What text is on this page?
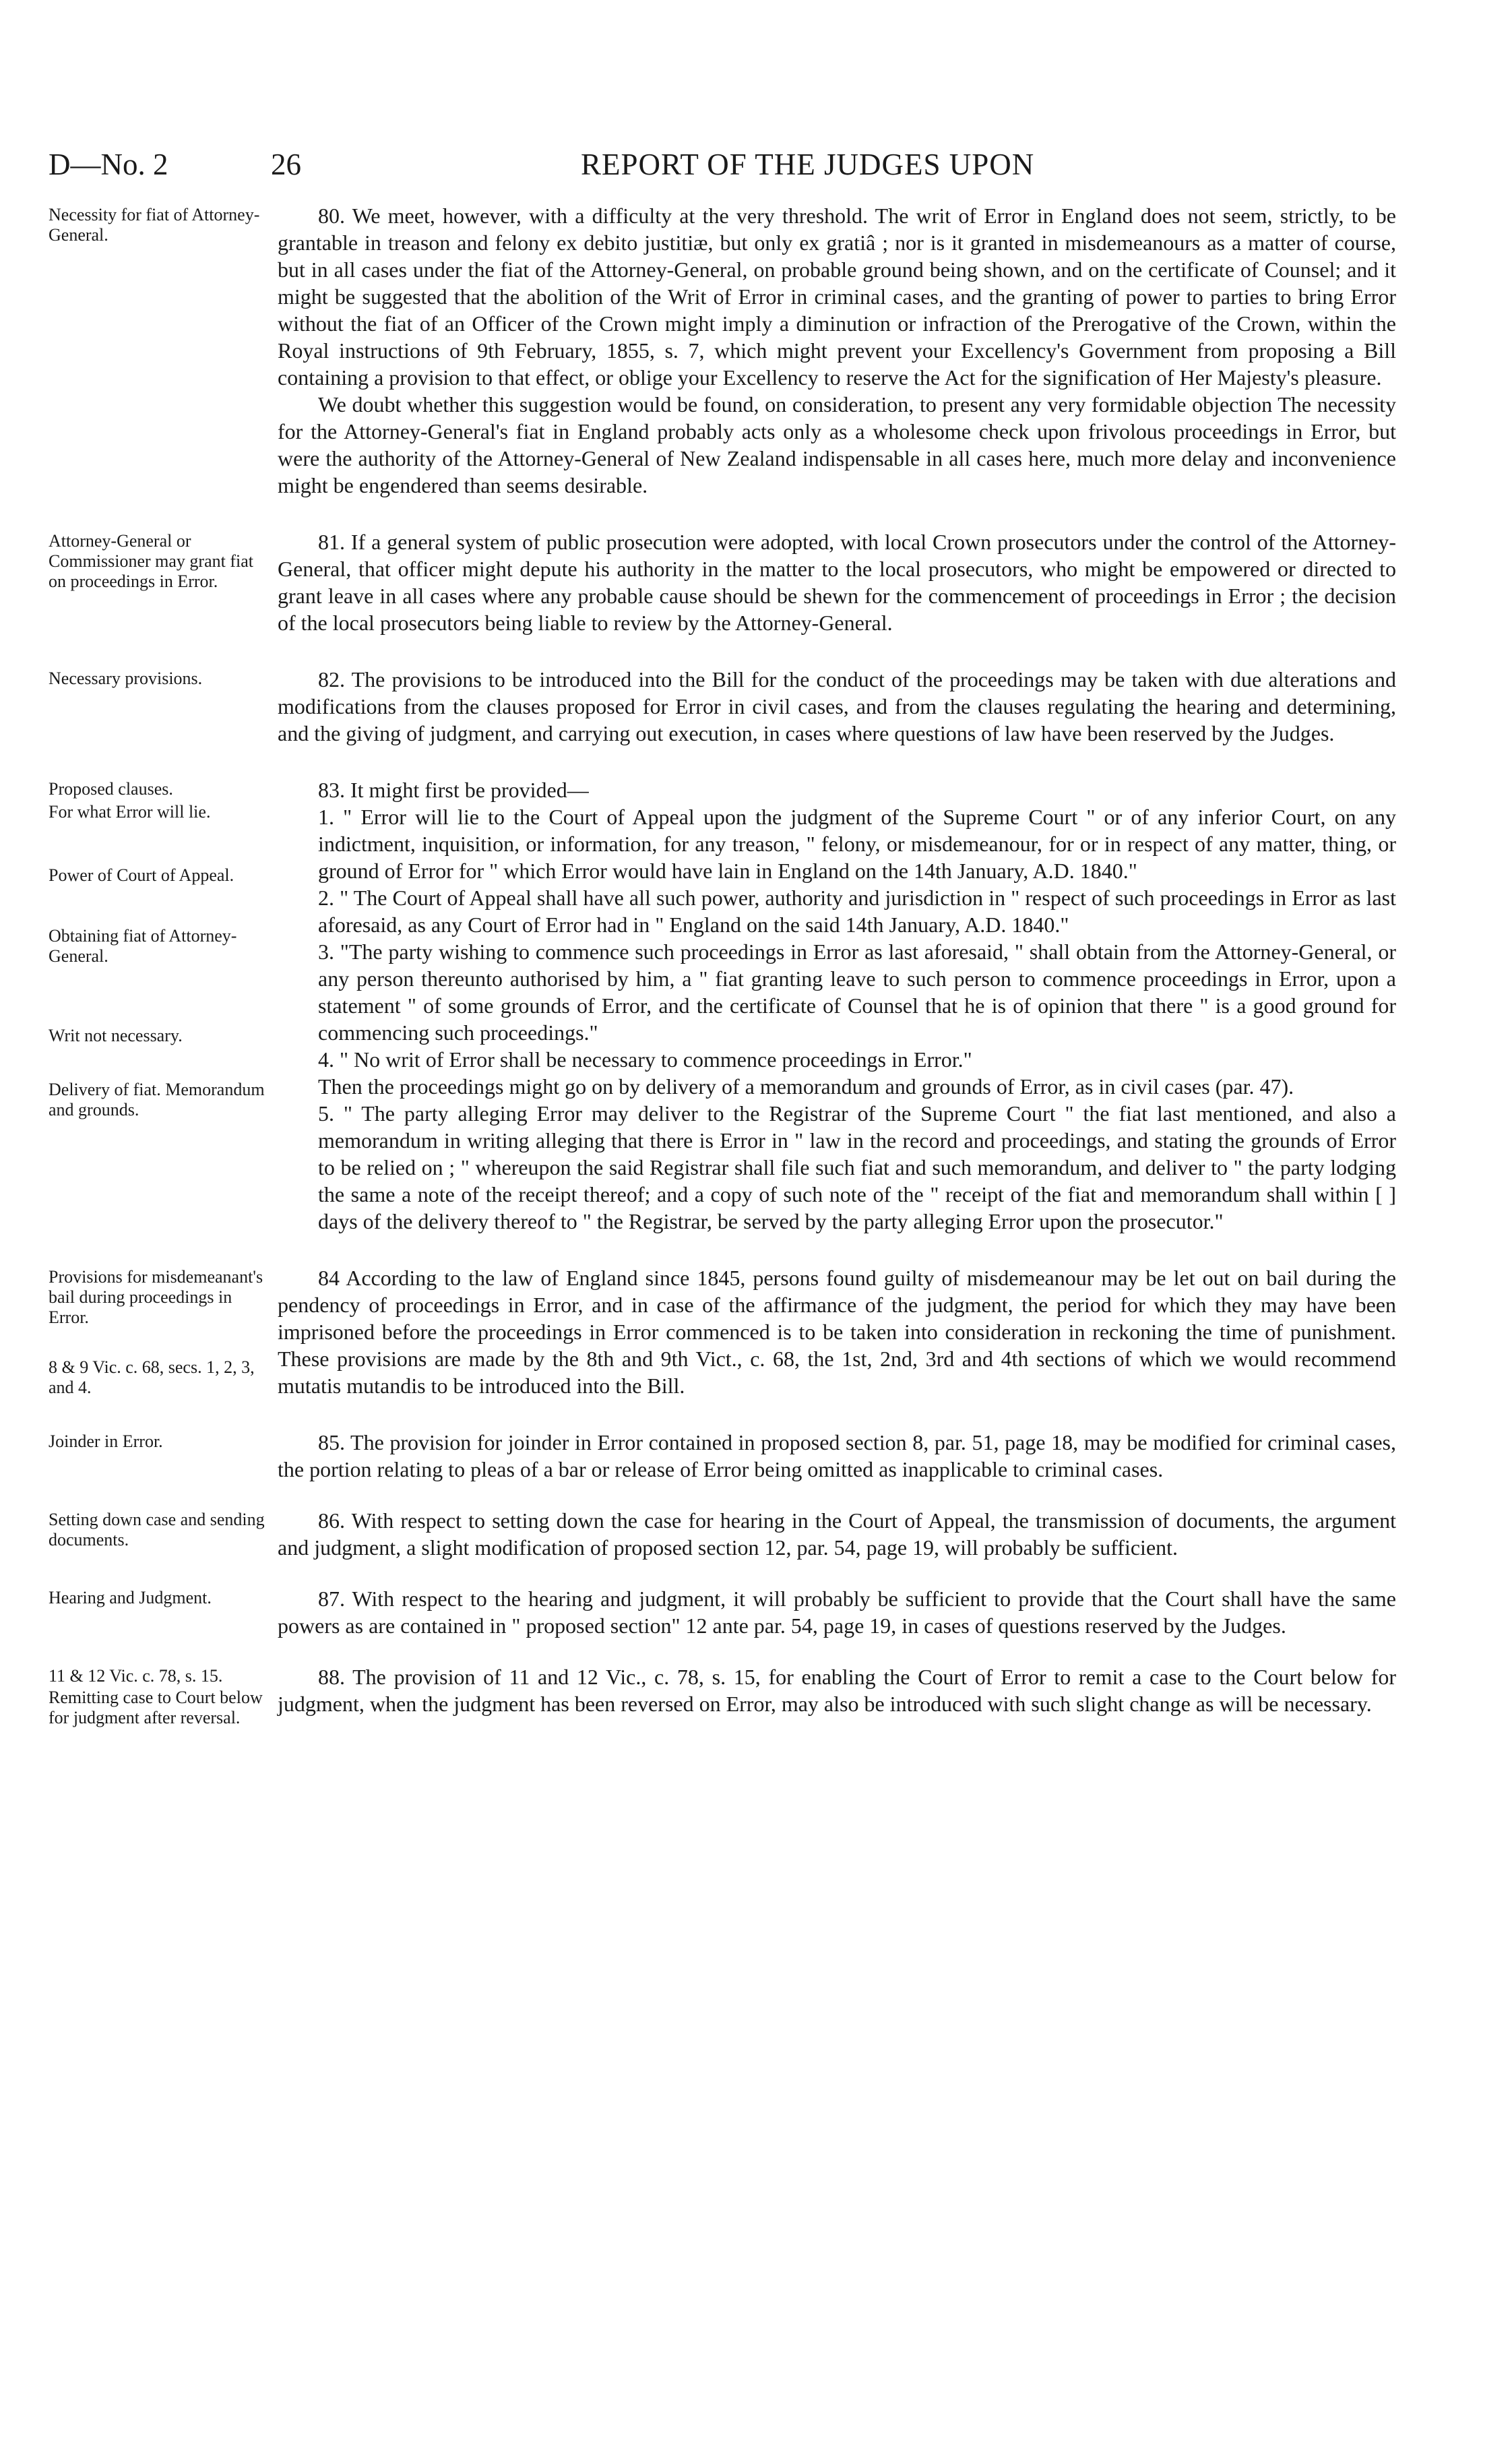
D—No. 2	26	REPORT OF THE JUDGES UPON
Necessity for fiat of Attorney-General.

80. We meet, however, with a difficulty at the very threshold. The writ of Error in England does not seem, strictly, to be grantable in treason and felony ex debito justitiæ, but only ex gratiâ ; nor is it granted in misdemeanours as a matter of course, but in all cases under the fiat of the Attorney-General, on probable ground being shown, and on the certificate of Counsel; and it might be suggested that the abolition of the Writ of Error in criminal cases, and the granting of power to parties to bring Error without the fiat of an Officer of the Crown might imply a diminution or infraction of the Prerogative of the Crown, within the Royal instructions of 9th February, 1855, s. 7, which might prevent your Excellency's Government from proposing a Bill containing a provision to that effect, or oblige your Excellency to reserve the Act for the signification of Her Majesty's pleasure.

We doubt whether this suggestion would be found, on consideration, to present any very formidable objection The necessity for the Attorney-General's fiat in England probably acts only as a wholesome check upon frivolous proceedings in Error, but were the authority of the Attorney-General of New Zealand indispensable in all cases here, much more delay and inconvenience might be engendered than seems desirable.

Attorney-General or Commissioner may grant fiat on proceedings in Error.

81. If a general system of public prosecution were adopted, with local Crown prosecutors under the control of the Attorney-General, that officer might depute his authority in the matter to the local prosecutors, who might be empowered or directed to grant leave in all cases where any probable cause should be shewn for the commencement of proceedings in Error ; the decision of the local prosecutors being liable to review by the Attorney-General.

Necessary provisions.	82. The provisions to be introduced into the Bill for the conduct of the proceedings may be taken with due alterations and modifications from the clauses proposed for Error in civil cases, and from the clauses regulating the hearing and determining, and the giving of judgment, and carrying out execution, in cases where questions of law have been reserved by the Judges.

Proposed clauses.
For what Error will lie.
Power of Court of Appeal.
Obtaining fiat of Attorney-General.
Writ not necessary.
Delivery of fiat. Memorandum and grounds.

83. It might first be provided—

1. " Error will lie to the Court of Appeal upon the judgment of the Supreme Court " or of any inferior Court, on any indictment, inquisition, or information, for any treason, " felony, or misdemeanour, for or in respect of any matter, thing, or ground of Error for " which Error would have lain in England on the 14th January, A.D. 1840."

2. " The Court of Appeal shall have all such power, authority and jurisdiction in " respect of such proceedings in Error as last aforesaid, as any Court of Error had in " England on the said 14th January, A.D. 1840."

3. "The party wishing to commence such proceedings in Error as last aforesaid, " shall obtain from the Attorney-General, or any person thereunto authorised by him, a " fiat granting leave to such person to commence proceedings in Error, upon a statement " of some grounds of Error, and the certificate of Counsel that he is of opinion that there " is a good ground for commencing such proceedings."

4. " No writ of Error shall be necessary to commence proceedings in Error."

Then the proceedings might go on by delivery of a memorandum and grounds of Error, as in civil cases (par. 47).

5. " The party alleging Error may deliver to the Registrar of the Supreme Court " the fiat last mentioned, and also a memorandum in writing alleging that there is Error in " law in the record and proceedings, and stating the grounds of Error to be relied on ; " whereupon the said Registrar shall file such fiat and such memorandum, and deliver to " the party lodging the same a note of the receipt thereof; and a copy of such note of the " receipt of the fiat and memorandum shall within [ ] days of the delivery thereof to " the Registrar, be served by the party alleging Error upon the prosecutor."

Provisions for misdemeanant's bail during proceedings in Error.
8 & 9 Vic. c. 68, secs. 1, 2, 3, and 4.

84 According to the law of England since 1845, persons found guilty of misdemeanour may be let out on bail during the pendency of proceedings in Error, and in case of the affirmance of the judgment, the period for which they may have been imprisoned before the proceedings in Error commenced is to be taken into consideration in reckoning the time of punishment. These provisions are made by the 8th and 9th Vict., c. 68, the 1st, 2nd, 3rd and 4th sections of which we would recommend mutatis mutandis to be introduced into the Bill.

Joinder in Error.	85. The provision for joinder in Error contained in proposed section 8, par. 51, page 18, may be modified for criminal cases, the portion relating to pleas of a bar or release of Error being omitted as inapplicable to criminal cases.

Setting down case and sending documents.

86. With respect to setting down the case for hearing in the Court of Appeal, the transmission of documents, the argument and judgment, a slight modification of proposed section 12, par. 54, page 19, will probably be sufficient.

Hearing and Judgment.	87. With respect to the hearing and judgment, it will probably be sufficient to provide that the Court shall have the same powers as are contained in " proposed section" 12 ante par. 54, page 19, in cases of questions reserved by the Judges.

11 & 12 Vic. c. 78, s. 15.
Remitting case to Court below for judgment after reversal.

88. The provision of 11 and 12 Vic., c. 78, s. 15, for enabling the Court of Error to remit a case to the Court below for judgment, when the judgment has been reversed on Error, may also be introduced with such slight change as will be necessary.
